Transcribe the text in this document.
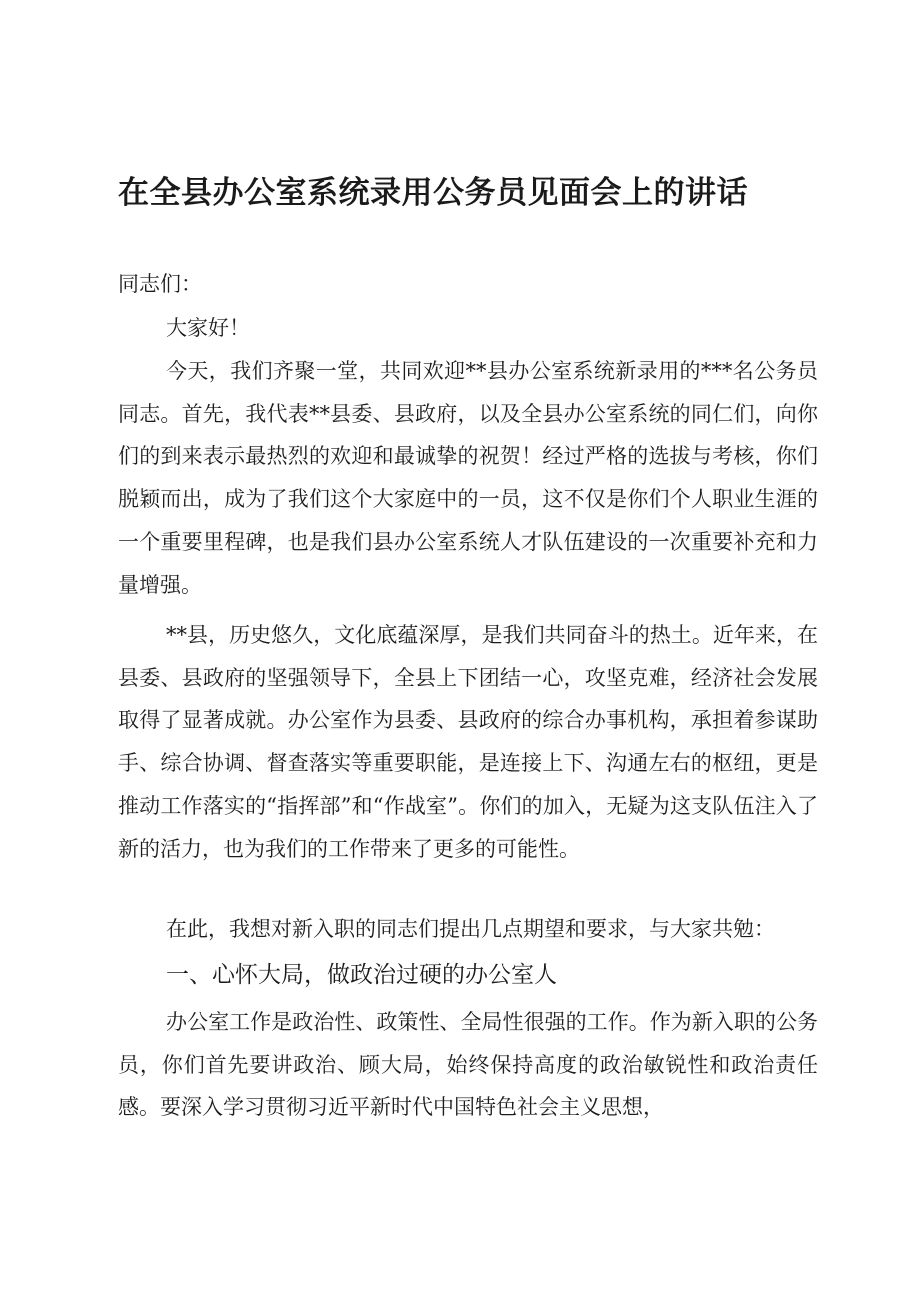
在全县办公室系统录用公务员见面会上的讲话
同志们：
大家好！

今天，我们齐聚一堂，共同欢迎**县办公室系统新录用的***名公务员同志。首先，我代表**县委、县政府，以及全县办公室系统的同仁们，向你们的到来表示最热烈的欢迎和最诚挚的祝贺！经过严格的选拔与考核，你们脱颖而出，成为了我们这个大家庭中的一员，这不仅是你们个人职业生涯的一个重要里程碑，也是我们县办公室系统人才队伍建设的一次重要补充和力量增强。

**县，历史悠久，文化底蕴深厚，是我们共同奋斗的热土。近年来，在县委、县政府的坚强领导下，全县上下团结一心，攻坚克难，经济社会发展取得了显著成就。办公室作为县委、县政府的综合办事机构，承担着参谋助手、综合协调、督查落实等重要职能，是连接上下、沟通左右的枢纽，更是推动工作落实的“指挥部”和“作战室”。你们的加入，无疑为这支队伍注入了新的活力，也为我们的工作带来了更多的可能性。

在此，我想对新入职的同志们提出几点期望和要求，与大家共勉：

一、心怀大局，做政治过硬的办公室人

办公室工作是政治性、政策性、全局性很强的工作。作为新入职的公务员，你们首先要讲政治、顾大局，始终保持高度的政治敏锐性和政治责任感。要深入学习贯彻习近平新时代中国特色社会主义思想，
